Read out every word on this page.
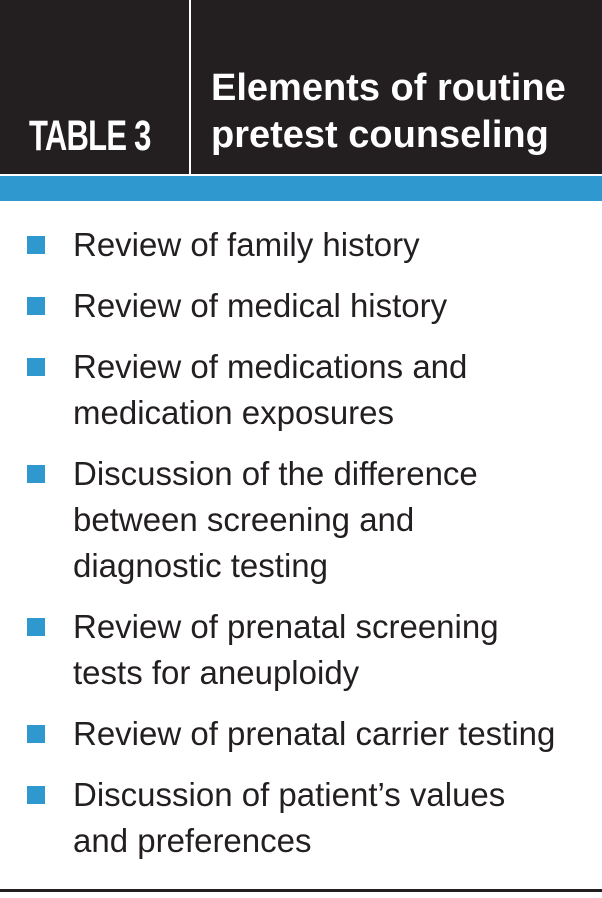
TABLE 3
Elements of routine
pretest counseling
Review of family history
Review of medical history
Review of medications and
medication exposures
Discussion of the difference
between screening and
diagnostic testing
Review of prenatal screening
tests for aneuploidy
Review of prenatal carrier testing
Discussion of patient’s values
and preferences
